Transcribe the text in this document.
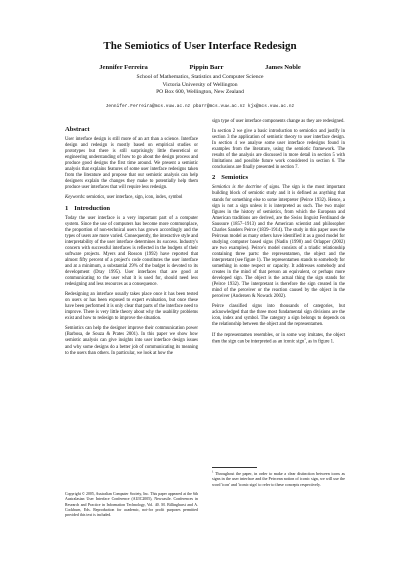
The Semiotics of User Interface Redesign
Jennifer Ferreira	Pippin Barr	James Noble
School of Mathematics, Statistics and Computer Science
Victoria University of Wellington
PO Box 600, Wellington, New Zealand
Jennifer.Ferreira@mcs.vuw.ac.nz pbarr@mcs.vuw.ac.nz kjx@mcs.vuw.ac.nz
Abstract

User interface design is still more of an art than a science. Interface design and redesign is mostly based on empirical studies or prototypes but there is still surprisingly little theoretical or engineering understanding of how to go about the design process and produce good designs the first time around. We present a semiotic analysis that explains features of some user interface redesigns taken from the literature and propose that our semiotic analysis can help designers explain the changes they make to potentially help them produce user interfaces that will require less redesign.

Keywords: semiotics, user interface, sign, icon, index, symbol

1 Introduction

Today the user interface is a very important part of a computer system. Since the use of computers has become more commonplace, the proportion of non-technical users has grown accordingly and the types of users are more varied. Consequently, the interactive style and interpretability of the user interface determines its success. Industry's concern with successful interfaces is reflected in the budgets of their software projects. Myers and Rosson (1992) have reported that almost fifty percent of a project's code constitutes the user interface and at a minimum, a substantial 29% of the budget is devoted to its development (Dray 1995). User interfaces that are good at communicating to the user what it is used for, should need less redesigning and less resources as a consequence.

Redesigning an interface usually takes place once it has been tested on users or has been exposed to expert evaluation, but once these have been performed it is only clear that parts of the interface need to improve. There is very little theory about why the usability problems exist and how to redesign to improve the situation.

Semiotics can help the designer improve their communication power (Barbosa, de Souza & Prates 2001). In this paper we show how semiotic analysis can give insights into user interface design issues and why some designs do a better job of communicating its meaning to the users than others. In particular, we look at how the

Copyright © 2005, Australian Computer Society, Inc. This paper appeared at the 6th Australasian User Interface Conference (AUIC2005), Newcastle. Conferences in Research and Practice in Information Technology, Vol. 40. M. Billinghurst and A. Cockburn, Eds. Reproduction for academic, not-for profit purposes permitted provided this text is included.

sign type of user interface components change as they are redesigned.

In section 2 we give a basic introduction to semiotics and justify in section 3 the application of semiotic theory to user interface design. In section 4 we analyse some user interface redesigns found in examples from the literature, using the semiotic framework. The results of the analysis are discussed in more detail in section 5 with limitations and possible future work considered in section 6. The conclusions are finally presented in section 7.

2 Semiotics

Semiotics is the doctrine of signs. The sign is the most important building block of semiotic study and it is defined as anything that stands for something else to some interpreter (Peirce 1932). Hence, a sign is not a sign unless it is interpreted as such. The two major figures in the history of semiotics, from which the European and American traditions are derived, are the Swiss linguist Ferdinand de Saussure (1857–1913) and the American scientist and philosopher Charles Sanders Peirce (1839–1914). The study in this paper uses the Peircean model as many others have identified it as a good model for studying computer based signs (Nadin (1990) and Orlapper (2002) are two examples). Peirce's model consists of a triadic relationship containing three parts: the representamen, the object and the interpretant (see figure 1). The representamen stands to somebody for something in some respect or capacity. It addresses somebody and creates in the mind of that person an equivalent, or perhaps more developed sign. The object is the actual thing the sign stands for (Peirce 1932). The interpretant is therefore the sign created in the mind of the perceiver or the reaction caused by the object in the perceiver (Andersen & Nowack 2002).

Peirce classified signs into thousands of categories, but acknowledged that the three most fundamental sign divisions are the icon, index and symbol. The category a sign belongs to depends on the relationship between the object and the representamen.

If the representamen resembles, or in some way imitates, the object then the sign can be interpreted as an iconic sign$^1$, as in figure 1.

$^1$ Throughout the paper, in order to make a clear distinction between icons as signs in the user interface and the Peircean notion of iconic sign, we will use the word 'icon' and 'iconic sign' to refer to these concepts respectively.
